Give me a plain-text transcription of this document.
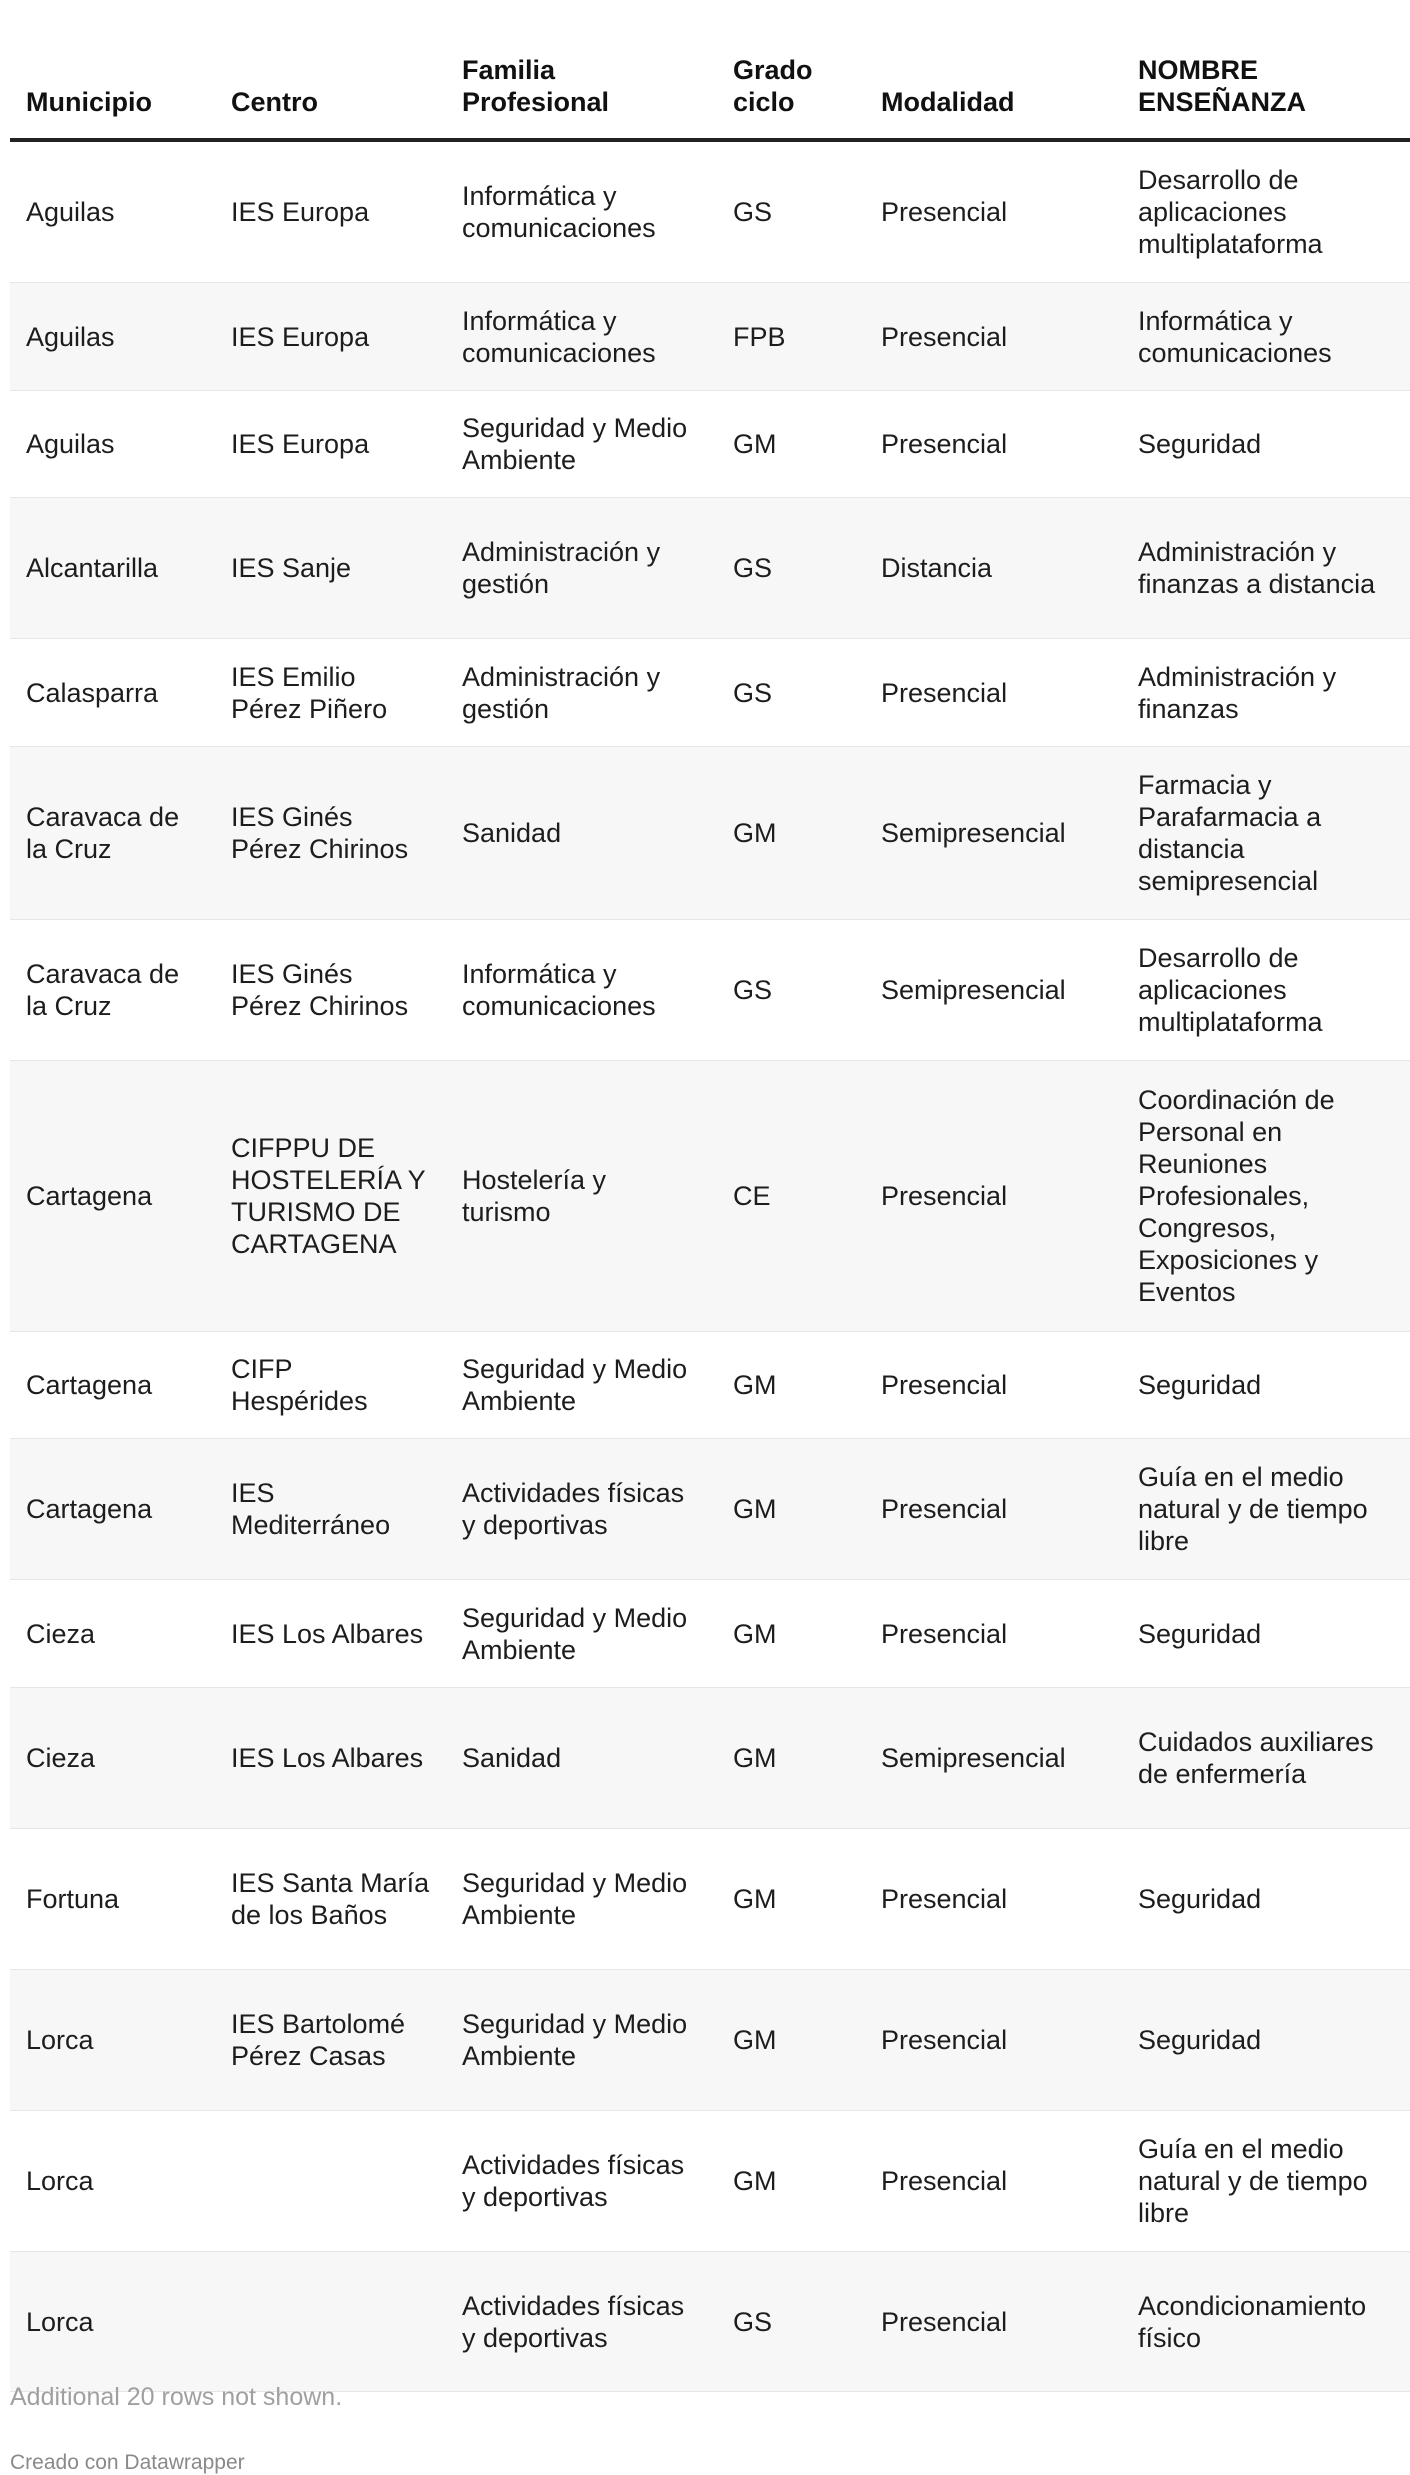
Municipio	Centro	Familia Profesional	Grado ciclo	Modalidad	NOMBRE ENSEÑANZA
Aguilas	IES Europa	Informática y comunicaciones	GS	Presencial	Desarrollo de aplicaciones multiplataforma
Aguilas	IES Europa	Informática y comunicaciones	FPB	Presencial	Informática y comunicaciones
Aguilas	IES Europa	Seguridad y Medio Ambiente	GM	Presencial	Seguridad
Alcantarilla	IES Sanje	Administración y gestión	GS	Distancia	Administración y finanzas a distancia
Calasparra	IES Emilio Pérez Piñero	Administración y gestión	GS	Presencial	Administración y finanzas
Caravaca de la Cruz	IES Ginés Pérez Chirinos	Sanidad	GM	Semipresencial	Farmacia y Parafarmacia a distancia semipresencial
Caravaca de la Cruz	IES Ginés Pérez Chirinos	Informática y comunicaciones	GS	Semipresencial	Desarrollo de aplicaciones multiplataforma
Cartagena	CIFPPU DE HOSTELERÍA Y TURISMO DE CARTAGENA	Hostelería y turismo	CE	Presencial	Coordinación de Personal en Reuniones Profesionales, Congresos, Exposiciones y Eventos
Cartagena	CIFP Hespérides	Seguridad y Medio Ambiente	GM	Presencial	Seguridad
Cartagena	IES Mediterráneo	Actividades físicas y deportivas	GM	Presencial	Guía en el medio natural y de tiempo libre
Cieza	IES Los Albares	Seguridad y Medio Ambiente	GM	Presencial	Seguridad
Cieza	IES Los Albares	Sanidad	GM	Semipresencial	Cuidados auxiliares de enfermería
Fortuna	IES Santa María de los Baños	Seguridad y Medio Ambiente	GM	Presencial	Seguridad
Lorca	IES Bartolomé Pérez Casas	Seguridad y Medio Ambiente	GM	Presencial	Seguridad
Lorca		Actividades físicas y deportivas	GM	Presencial	Guía en el medio natural y de tiempo libre
Lorca		Actividades físicas y deportivas	GS	Presencial	Acondicionamiento físico
Additional 20 rows not shown.
Creado con Datawrapper
